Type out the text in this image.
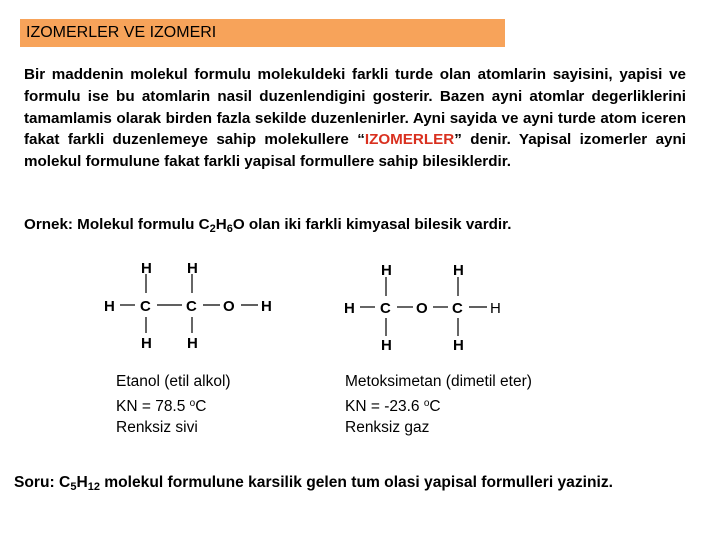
IZOMERLER VE IZOMERI

Bir maddenin molekul formulu molekuldeki farkli turde olan atomlarin sayisini, yapisi ve formulu ise bu atomlarin nasil duzenlendigini gosterir. Bazen ayni atomlar degerliklerini tamamlamis olarak birden fazla sekilde duzenlenirler. Ayni sayida ve ayni turde atom iceren fakat farkli duzenlemeye sahip molekullere “IZOMERLER” denir. Yapisal izomerler ayni molekul formulune fakat farkli yapisal formullere sahip bilesiklerdir.

Ornek: Molekul formulu $C_2H_6O$ olan iki farkli kimyasal bilesik vardir.

H H
H C C O H
H H
H	H
H C O C H
H	H
Etanol (etil alkol)
KN = 78.5 $^o$C
Renksiz sivi
Metoksimetan (dimetil eter)
KN = -23.6 $^o$C
Renksiz gaz

Soru: $C_5H_{12}$ molekul formulune karsilik gelen tum olasi yapisal formulleri yaziniz.
